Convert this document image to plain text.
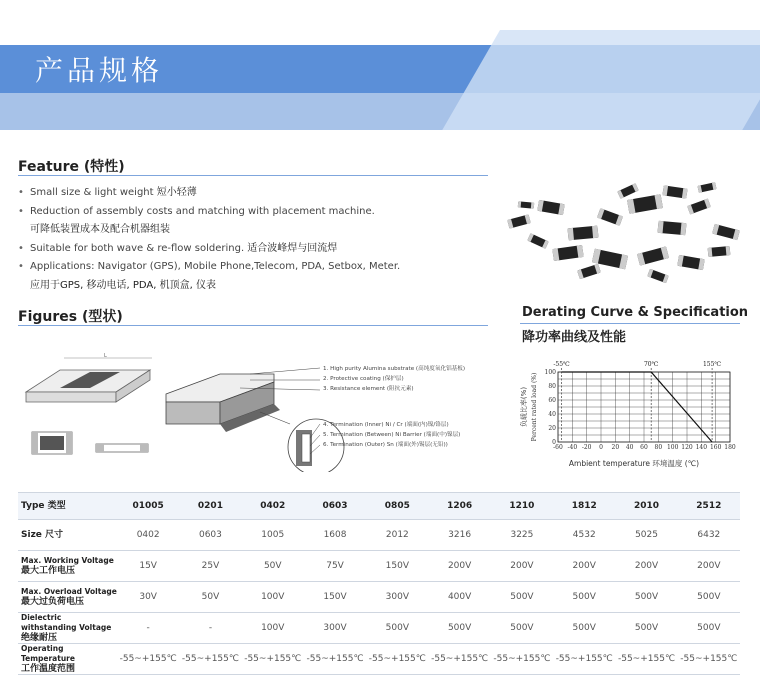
产品规格
Feature (特性)
• Small size & light weight 短小轻薄
• Reduction of assembly costs and matching with placement machine.
可降低装置成本及配合机器组装
• Suitable for both wave & re-flow soldering. 适合波峰焊与回流焊
• Applications: Navigator (GPS), Mobile Phone,Telecom, PDA, Setbox, Meter.
应用于GPS, 移动电话, PDA, 机顶盒, 仪表
Figures (型状)
L
1. High purity Alumina substrate (高纯度氧化铝基板)
2. Protective coating (保护层)
3. Resistance element (阻抗元素)
4. Termination (Inner) Ni / Cr (端面(内)镍/铬层)
5. Termination (Between) Ni Barrier (端面(中)镍层)
6. Termination (Outer) Sn (端面(外)锡层(无铅))
Derating Curve & Specification
降功率曲线及性能
-60 -40 -20 0 20 40 60 80 100 120 140 160 180
100
80
60
40
20
0
-55℃	70℃	155℃
负载比率(%) Percent rated load (%)
Ambient temperature 环境温度 (℃)
Type 类型	01005	0201	0402	0603	0805	1206	1210	1812	2010	2512
Size 尺寸	0402	0603	1005	1608	2012	3216	3225	4532	5025	6432

Max. Working Voltage
最大工作电压	15V	25V	50V	75V	150V	200V	200V	200V	200V	200V

Max. Overload Voltage
最大过负荷电压	30V	50V	100V	150V	300V	400V	500V	500V	500V	500V

Dielectric withstanding Voltage
绝缘耐压	-	-	100V	300V	500V	500V	500V	500V	500V	500V

Operating Temperature
工作温度范围	-55~+155℃	-55~+155℃	-55~+155℃	-55~+155℃	-55~+155℃	-55~+155℃	-55~+155℃	-55~+155℃	-55~+155℃	-55~+155℃
